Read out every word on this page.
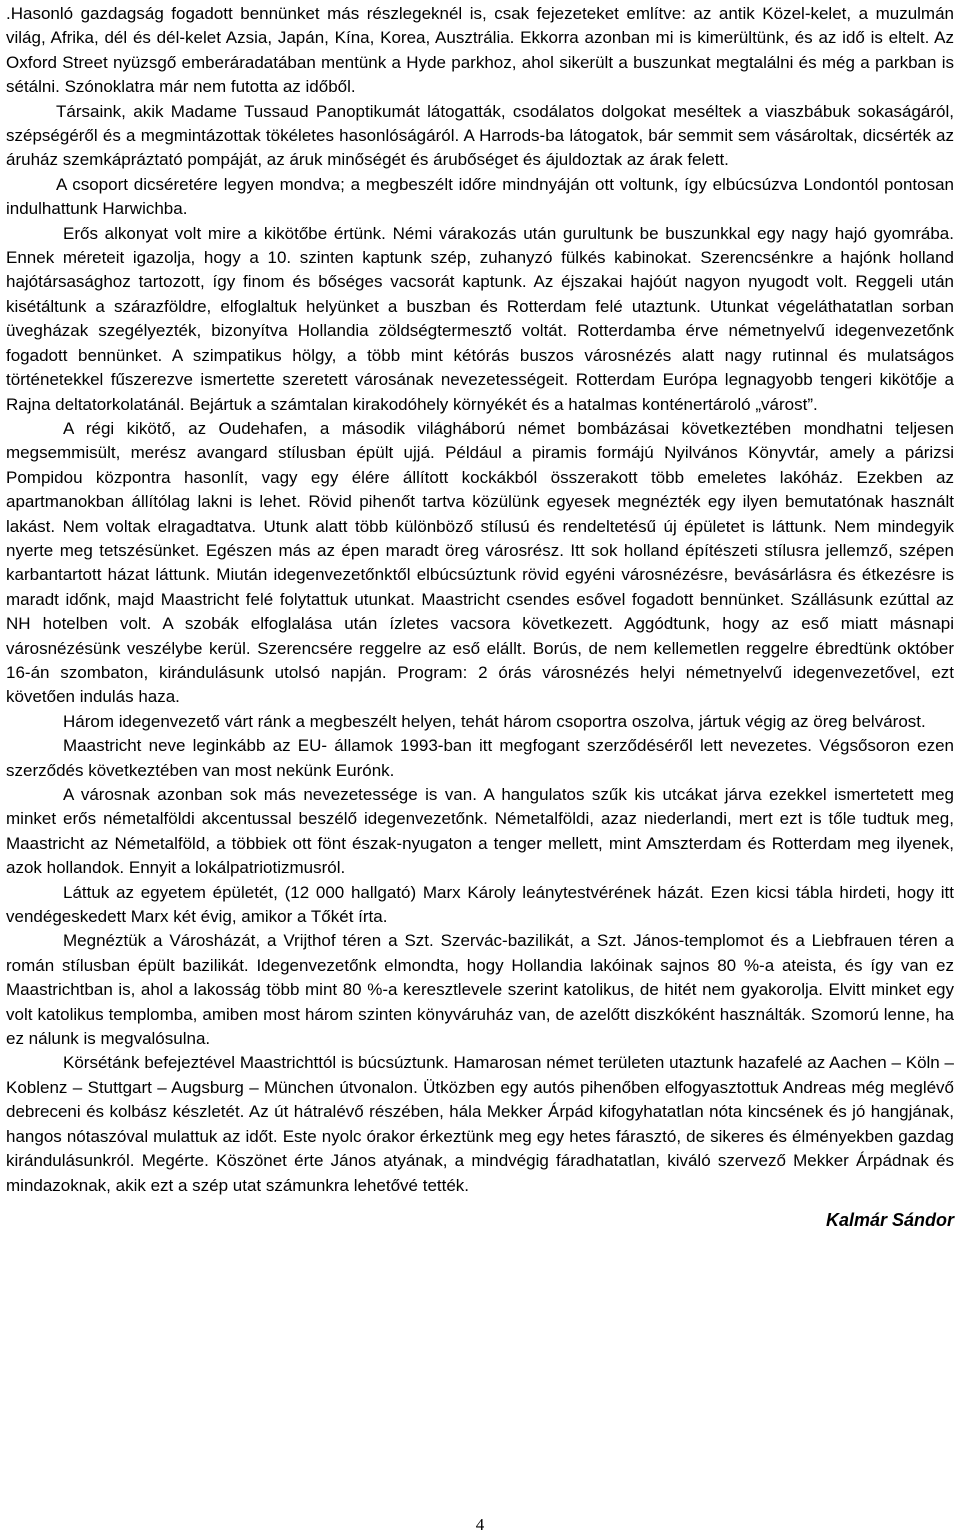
.Hasonló gazdagság fogadott bennünket más részlegeknél is, csak fejezeteket említve: az antik Közel-kelet, a muzulmán világ, Afrika, dél és dél-kelet Azsia, Japán, Kína, Korea, Ausztrália. Ekkorra azonban mi is kimerültünk, és az idő is eltelt. Az Oxford Street nyüzsgő emberáradatában mentünk a Hyde parkhoz, ahol sikerült a buszunkat megtalálni és még a parkban is sétálni. Szónoklatra már nem futotta az időből.

Társaink, akik Madame Tussaud Panoptikumát látogatták, csodálatos dolgokat meséltek a viaszbábuk sokaságáról, szépségéről és a megmintázottak tökéletes hasonlóságáról. A Harrods-ba látogatok, bár semmit sem vásároltak, dicsérték az áruház szemkápráztató pompáját, az áruk minőségét és árubőséget és ájuldoztak az árak felett.

A csoport dicséretére legyen mondva; a megbeszélt időre mindnyáján ott voltunk, így elbúcsúzva Londontól pontosan indulhattunk Harwichba.

Erős alkonyat volt mire a kikötőbe értünk. Némi várakozás után gurultunk be buszunkkal egy nagy hajó gyomrába. Ennek méreteit igazolja, hogy a 10. szinten kaptunk szép, zuhanyzó fülkés kabinokat. Szerencsénkre a hajónk holland hajótársasághoz tartozott, így finom és bőséges vacsorát kaptunk. Az éjszakai hajóút nagyon nyugodt volt. Reggeli után kisétáltunk a szárazföldre, elfoglaltuk helyünket a buszban és Rotterdam felé utaztunk. Utunkat végeláthatatlan sorban üvegházak szegélyezték, bizonyítva Hollandia zöldségtermesztő voltát. Rotterdamba érve németnyelvű idegenvezetőnk fogadott bennünket. A szimpatikus hölgy, a több mint kétórás buszos városnézés alatt nagy rutinnal és mulatságos történetekkel fűszerezve ismertette szeretett városának nevezetességeit. Rotterdam Európa legnagyobb tengeri kikötője a Rajna deltatorkolatánál. Bejártuk a számtalan kirakodóhely környékét és a hatalmas konténertároló „várost”.

A régi kikötő, az Oudehafen, a második világháború német bombázásai következtében mondhatni teljesen megsemmisült, merész avangard stílusban épült ujjá. Például a piramis formájú Nyilvános Könyvtár, amely a párizsi Pompidou központra hasonlít, vagy egy élére állított kockákból összerakott több emeletes lakóház. Ezekben az apartmanokban állítólag lakni is lehet. Rövid pihenőt tartva közülünk egyesek megnézték egy ilyen bemutatónak használt lakást. Nem voltak elragadtatva. Utunk alatt több különböző stílusú és rendeltetésű új épületet is láttunk. Nem mindegyik nyerte meg tetszésünket. Egészen más az épen maradt öreg városrész. Itt sok holland építészeti stílusra jellemző, szépen karbantartott házat láttunk. Miután idegenvezetőnktől elbúcsúztunk rövid egyéni városnézésre, bevásárlásra és étkezésre is maradt időnk, majd Maastricht felé folytattuk utunkat. Maastricht csendes esővel fogadott bennünket. Szállásunk ezúttal az NH hotelben volt. A szobák elfoglalása után ízletes vacsora következett. Aggódtunk, hogy az eső miatt másnapi városnézésünk veszélybe kerül. Szerencsére reggelre az eső elállt. Borús, de nem kellemetlen reggelre ébredtünk október 16-án szombaton, kirándulásunk utolsó napján. Program: 2 órás városnézés helyi németnyelvű idegenvezetővel, ezt követően indulás haza.

Három idegenvezető várt ránk a megbeszélt helyen, tehát három csoportra oszolva, jártuk végig az öreg belvárost.

Maastricht neve leginkább az EU- államok 1993-ban itt megfogant szerződéséről lett nevezetes. Végsősoron ezen szerződés következtében van most nekünk Eurónk.

A városnak azonban sok más nevezetessége is van. A hangulatos szűk kis utcákat járva ezekkel ismertetett meg minket erős németalföldi akcentussal beszélő idegenvezetőnk. Németalföldi, azaz niederlandi, mert ezt is tőle tudtuk meg, Maastricht az Németalföld, a többiek ott fönt észak-nyugaton a tenger mellett, mint Amszterdam és Rotterdam meg ilyenek, azok hollandok. Ennyit a lokálpatriotizmusról.

Láttuk az egyetem épületét, (12 000 hallgató) Marx Károly leánytestvérének házát. Ezen kicsi tábla hirdeti, hogy itt vendégeskedett Marx két évig, amikor a Tőkét írta.

Megnéztük a Városházát, a Vrijthof téren a Szt. Szervác-bazilikát, a Szt. János-templomot és a Liebfrauen téren a román stílusban épült bazilikát. Idegenvezetőnk elmondta, hogy Hollandia lakóinak sajnos 80 %-a ateista, és így van ez Maastrichtban is, ahol a lakosság több mint 80 %-a keresztlevele szerint katolikus, de hitét nem gyakorolja. Elvitt minket egy volt katolikus templomba, amiben most három szinten könyváruház van, de azelőtt diszkóként használták. Szomorú lenne, ha ez nálunk is megvalósulna.

Körsétánk befejeztével Maastrichttól is búcsúztunk. Hamarosan német területen utaztunk hazafelé az Aachen – Köln – Koblenz – Stuttgart – Augsburg – München útvonalon. Ütközben egy autós pihenőben elfogyasztottuk Andreas még meglévő debreceni és kolbász készletét. Az út hátralévő részében, hála Mekker Árpád kifogyhatatlan nóta kincsének és jó hangjának, hangos nótaszóval mulattuk az időt. Este nyolc órakor érkeztünk meg egy hetes fárasztó, de sikeres és élményekben gazdag kirándulásunkról. Megérte. Köszönet érte János atyának, a mindvégig fáradhatatlan, kiváló szervező Mekker Árpádnak és mindazoknak, akik ezt a szép utat számunkra lehetővé tették.

Kalmár Sándor

4
